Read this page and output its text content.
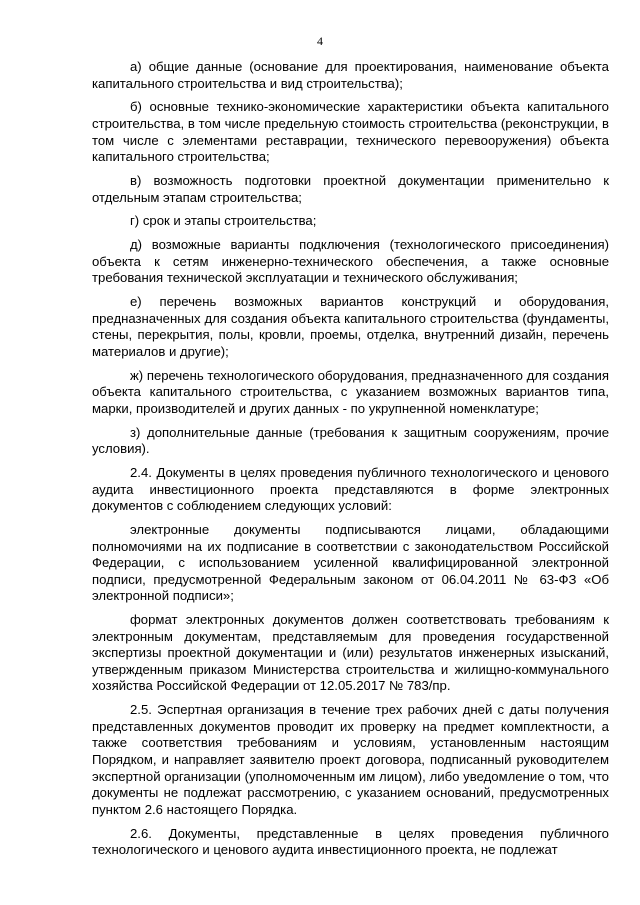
4

а) общие данные (основание для проектирования, наименование объекта капитального строительства и вид строительства);

б) основные технико-экономические характеристики объекта капитального строительства, в том числе предельную стоимость строительства (реконструкции, в том числе с элементами реставрации, технического перевооружения) объекта капитального строительства;

в) возможность подготовки проектной документации применительно к отдельным этапам строительства;

г) срок и этапы строительства;

д) возможные варианты подключения (технологического присоединения) объекта к сетям инженерно-технического обеспечения, а также основные требования технической эксплуатации и технического обслуживания;

е) перечень возможных вариантов конструкций и оборудования, предназначенных для создания объекта капитального строительства (фундаменты, стены, перекрытия, полы, кровли, проемы, отделка, внутренний дизайн, перечень материалов и другие);

ж) перечень технологического оборудования, предназначенного для создания объекта капитального строительства, с указанием возможных вариантов типа, марки, производителей и других данных - по укрупненной номенклатуре;

з) дополнительные данные (требования к защитным сооружениям, прочие условия).

2.4. Документы в целях проведения публичного технологического и ценового аудита инвестиционного проекта представляются в форме электронных документов с соблюдением следующих условий:

электронные документы подписываются лицами, обладающими полномочиями на их подписание в соответствии с законодательством Российской Федерации, с использованием усиленной квалифицированной электронной подписи, предусмотренной Федеральным законом от 06.04.2011 № 63-ФЗ «Об электронной подписи»;

формат электронных документов должен соответствовать требованиям к электронным документам, представляемым для проведения государственной экспертизы проектной документации и (или) результатов инженерных изысканий, утвержденным приказом Министерства строительства и жилищно-коммунального хозяйства Российской Федерации от 12.05.2017 № 783/пр.

2.5. Эспертная организация в течение трех рабочих дней с даты получения представленных документов проводит их проверку на предмет комплектности, а также соответствия требованиям и условиям, установленным настоящим Порядком, и направляет заявителю проект договора, подписанный руководителем экспертной организации (уполномоченным им лицом), либо уведомление о том, что документы не подлежат рассмотрению, с указанием оснований, предусмотренных пунктом 2.6 настоящего Порядка.

2.6. Документы, представленные в целях проведения публичного технологического и ценового аудита инвестиционного проекта, не подлежат
